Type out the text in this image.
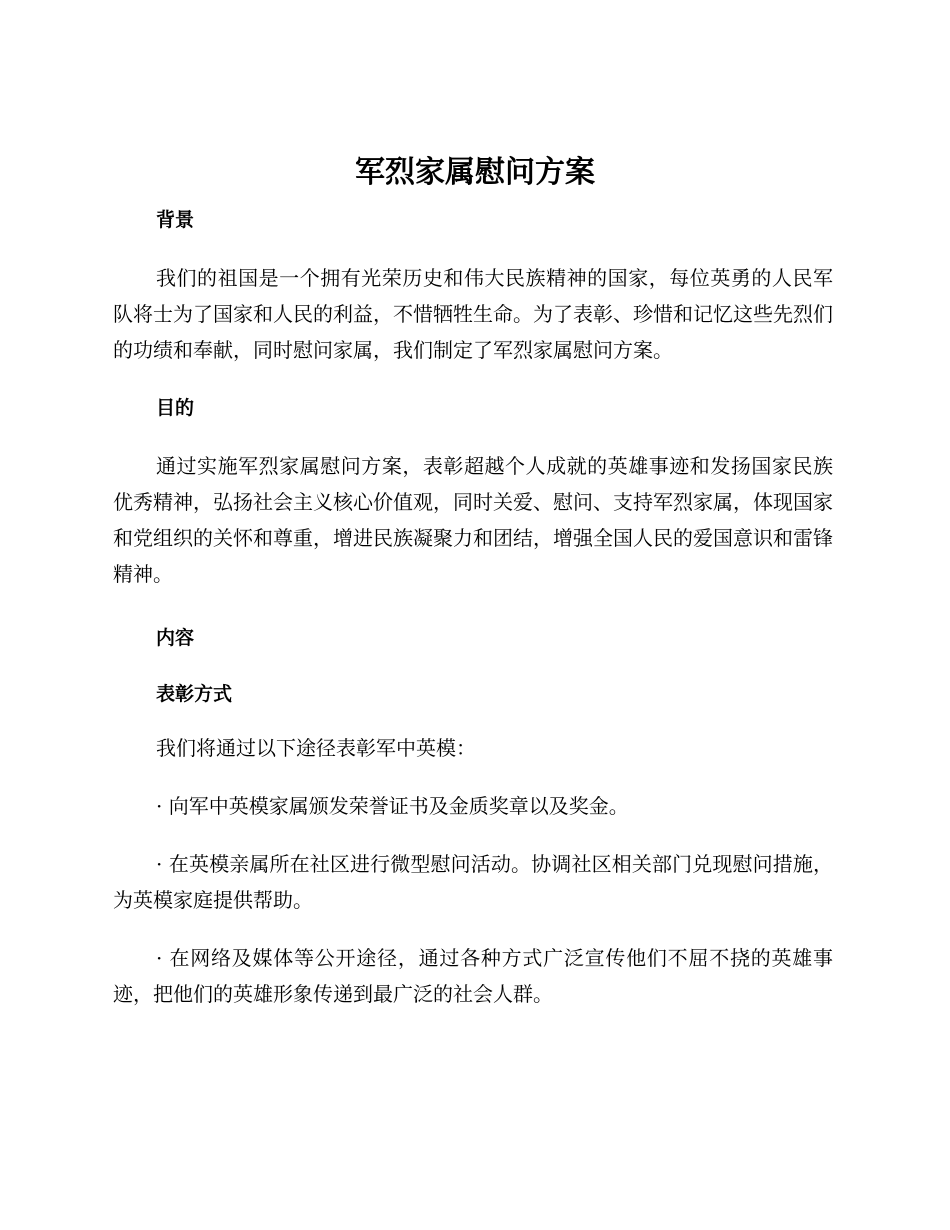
军烈家属慰问方案
背景

我们的祖国是一个拥有光荣历史和伟大民族精神的国家，每位英勇的人民军队将士为了国家和人民的利益，不惜牺牲生命。为了表彰、珍惜和记忆这些先烈们的功绩和奉献，同时慰问家属，我们制定了军烈家属慰问方案。

目的

通过实施军烈家属慰问方案，表彰超越个人成就的英雄事迹和发扬国家民族优秀精神，弘扬社会主义核心价值观，同时关爱、慰问、支持军烈家属，体现国家和党组织的关怀和尊重，增进民族凝聚力和团结，增强全国人民的爱国意识和雷锋精神。

内容
表彰方式

我们将通过以下途径表彰军中英模：

· 向军中英模家属颁发荣誉证书及金质奖章以及奖金。

· 在英模亲属所在社区进行微型慰问活动。协调社区相关部门兑现慰问措施，为英模家庭提供帮助。

· 在网络及媒体等公开途径，通过各种方式广泛宣传他们不屈不挠的英雄事迹，把他们的英雄形象传递到最广泛的社会人群。
